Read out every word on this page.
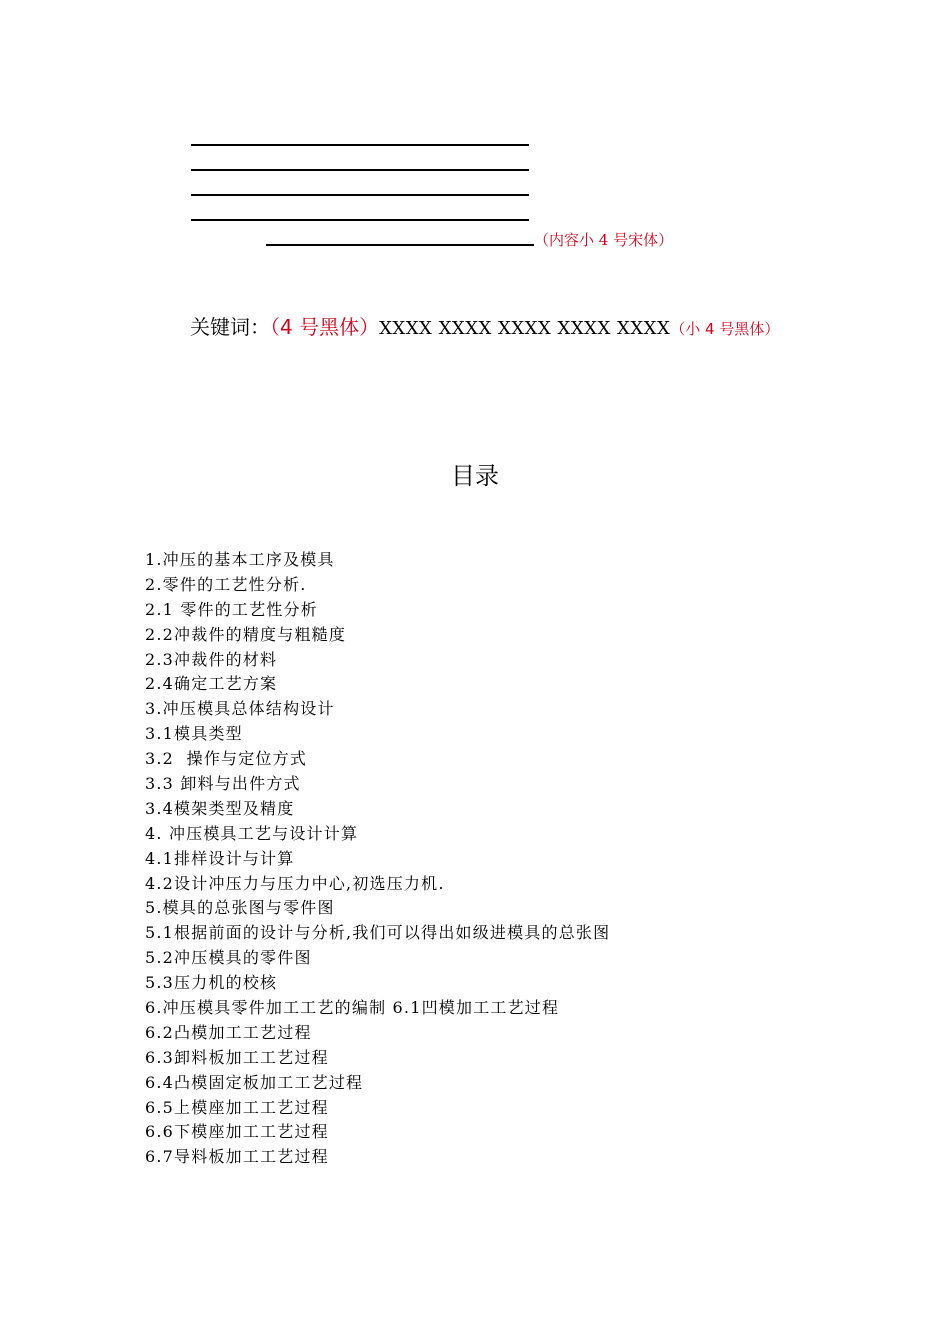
（内容小 4 号宋体）
关键词：（4 号黑体）XXXX XXXX XXXX XXXX XXXX（小 4 号黑体）
目录
1.冲压的基本工序及模具
2.零件的工艺性分析.
2.1 零件的工艺性分析
2.2冲裁件的精度与粗糙度
2.3冲裁件的材料
2.4确定工艺方案
3.冲压模具总体结构设计
3.1模具类型
3.2  操作与定位方式
3.3 卸料与出件方式
3.4模架类型及精度
4. 冲压模具工艺与设计计算
4.1排样设计与计算
4.2设计冲压力与压力中心,初选压力机.
5.模具的总张图与零件图
5.1根据前面的设计与分析,我们可以得出如级进模具的总张图
5.2冲压模具的零件图
5.3压力机的校核
6.冲压模具零件加工工艺的编制 6.1凹模加工工艺过程
6.2凸模加工工艺过程
6.3卸料板加工工艺过程
6.4凸模固定板加工工艺过程
6.5上模座加工工艺过程
6.6下模座加工工艺过程
6.7导料板加工工艺过程
